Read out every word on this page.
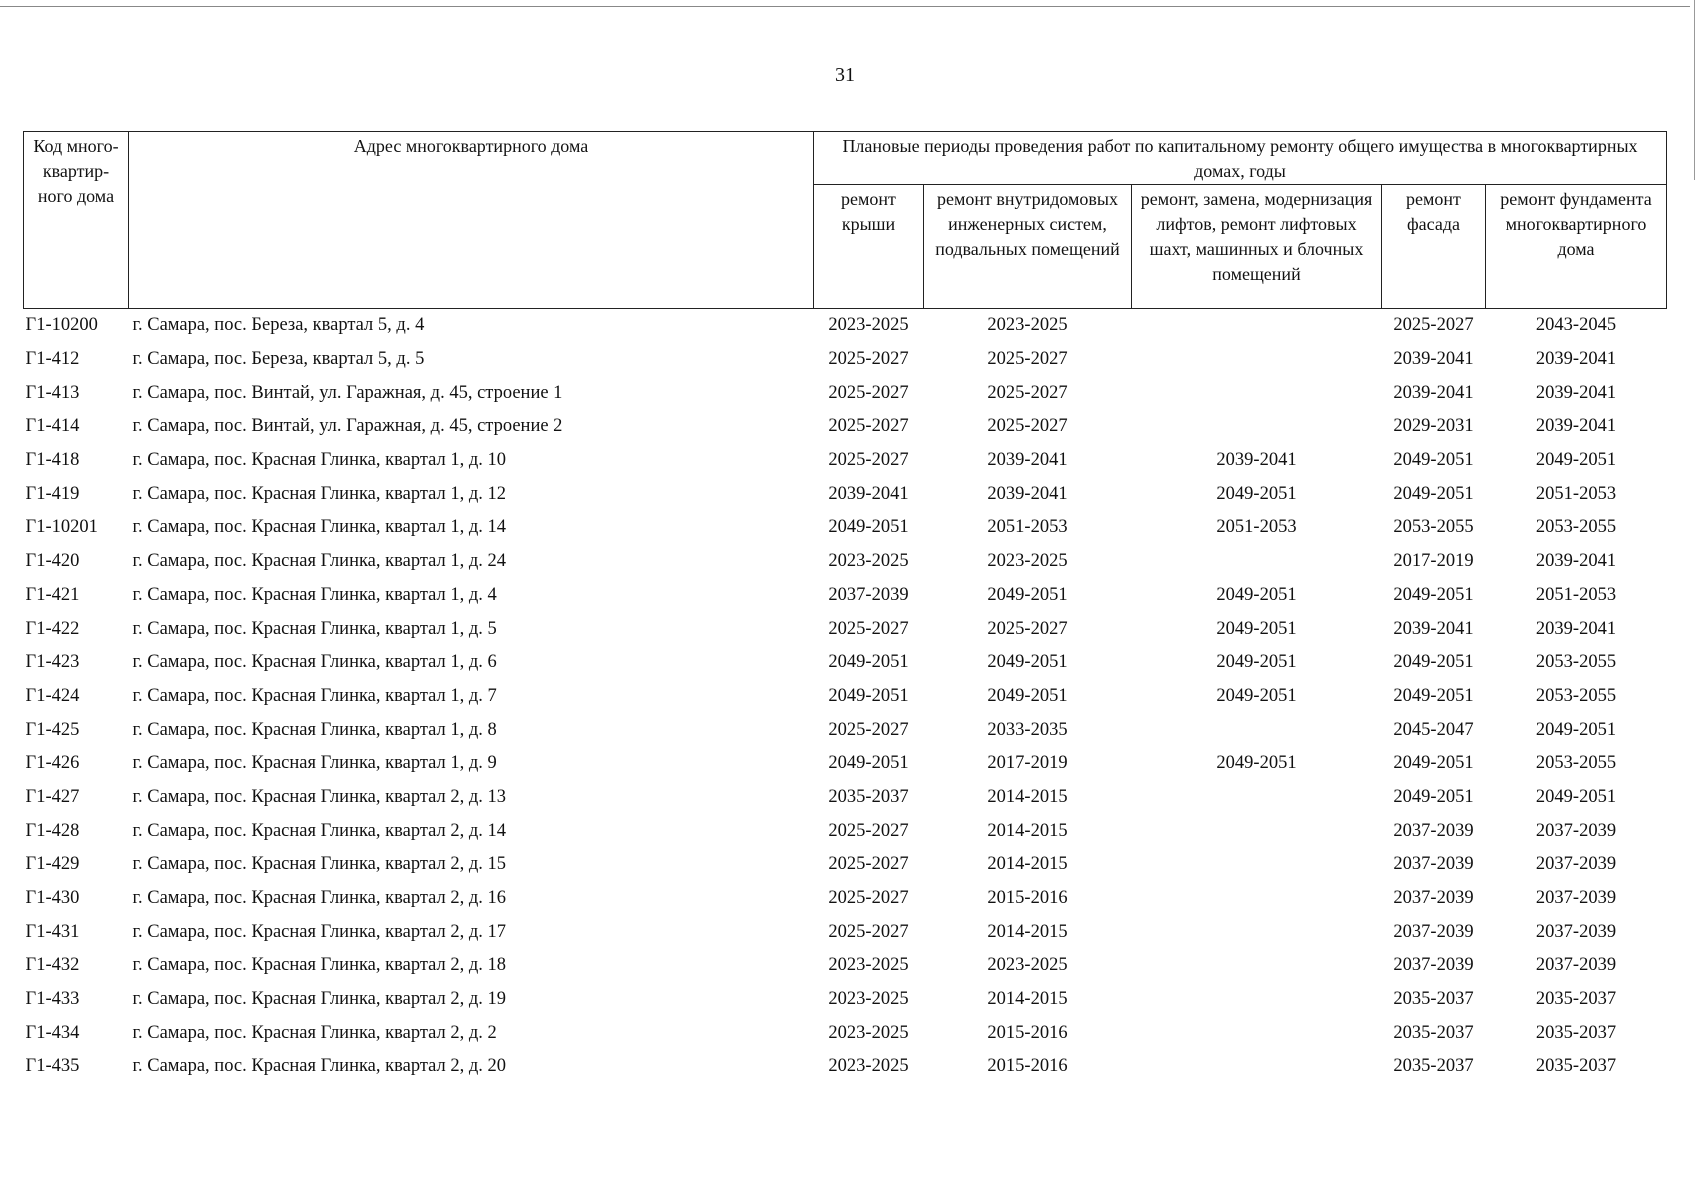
31
Код много-квартир-ного дома	Адрес многоквартирного дома	Плановые периоды проведения работ по капитальному ремонту общего имущества в многоквартирных домах, годы				
		ремонт крыши	ремонт внутридомовых инженерных систем, подвальных помещений	ремонт, замена, модернизация лифтов, ремонт лифтовых шахт, машинных и блочных помещений	ремонт фасада	ремонт фундамента многоквартирного дома
Г1-10200	г. Самара, пос. Береза, квартал 5, д. 4	2023-2025	2023-2025		2025-2027	2043-2045
Г1-412	г. Самара, пос. Береза, квартал 5, д. 5	2025-2027	2025-2027		2039-2041	2039-2041
Г1-413	г. Самара, пос. Винтай, ул. Гаражная, д. 45, строение 1	2025-2027	2025-2027		2039-2041	2039-2041
Г1-414	г. Самара, пос. Винтай, ул. Гаражная, д. 45, строение 2	2025-2027	2025-2027		2029-2031	2039-2041
Г1-418	г. Самара, пос. Красная Глинка, квартал 1, д. 10	2025-2027	2039-2041	2039-2041	2049-2051	2049-2051
Г1-419	г. Самара, пос. Красная Глинка, квартал 1, д. 12	2039-2041	2039-2041	2049-2051	2049-2051	2051-2053
Г1-10201	г. Самара, пос. Красная Глинка, квартал 1, д. 14	2049-2051	2051-2053	2051-2053	2053-2055	2053-2055
Г1-420	г. Самара, пос. Красная Глинка, квартал 1, д. 24	2023-2025	2023-2025		2017-2019	2039-2041
Г1-421	г. Самара, пос. Красная Глинка, квартал 1, д. 4	2037-2039	2049-2051	2049-2051	2049-2051	2051-2053
Г1-422	г. Самара, пос. Красная Глинка, квартал 1, д. 5	2025-2027	2025-2027	2049-2051	2039-2041	2039-2041
Г1-423	г. Самара, пос. Красная Глинка, квартал 1, д. 6	2049-2051	2049-2051	2049-2051	2049-2051	2053-2055
Г1-424	г. Самара, пос. Красная Глинка, квартал 1, д. 7	2049-2051	2049-2051	2049-2051	2049-2051	2053-2055
Г1-425	г. Самара, пос. Красная Глинка, квартал 1, д. 8	2025-2027	2033-2035		2045-2047	2049-2051
Г1-426	г. Самара, пос. Красная Глинка, квартал 1, д. 9	2049-2051	2017-2019	2049-2051	2049-2051	2053-2055
Г1-427	г. Самара, пос. Красная Глинка, квартал 2, д. 13	2035-2037	2014-2015		2049-2051	2049-2051
Г1-428	г. Самара, пос. Красная Глинка, квартал 2, д. 14	2025-2027	2014-2015		2037-2039	2037-2039
Г1-429	г. Самара, пос. Красная Глинка, квартал 2, д. 15	2025-2027	2014-2015		2037-2039	2037-2039
Г1-430	г. Самара, пос. Красная Глинка, квартал 2, д. 16	2025-2027	2015-2016		2037-2039	2037-2039
Г1-431	г. Самара, пос. Красная Глинка, квартал 2, д. 17	2025-2027	2014-2015		2037-2039	2037-2039
Г1-432	г. Самара, пос. Красная Глинка, квартал 2, д. 18	2023-2025	2023-2025		2037-2039	2037-2039
Г1-433	г. Самара, пос. Красная Глинка, квартал 2, д. 19	2023-2025	2014-2015		2035-2037	2035-2037
Г1-434	г. Самара, пос. Красная Глинка, квартал 2, д. 2	2023-2025	2015-2016		2035-2037	2035-2037
Г1-435	г. Самара, пос. Красная Глинка, квартал 2, д. 20	2023-2025	2015-2016		2035-2037	2035-2037
